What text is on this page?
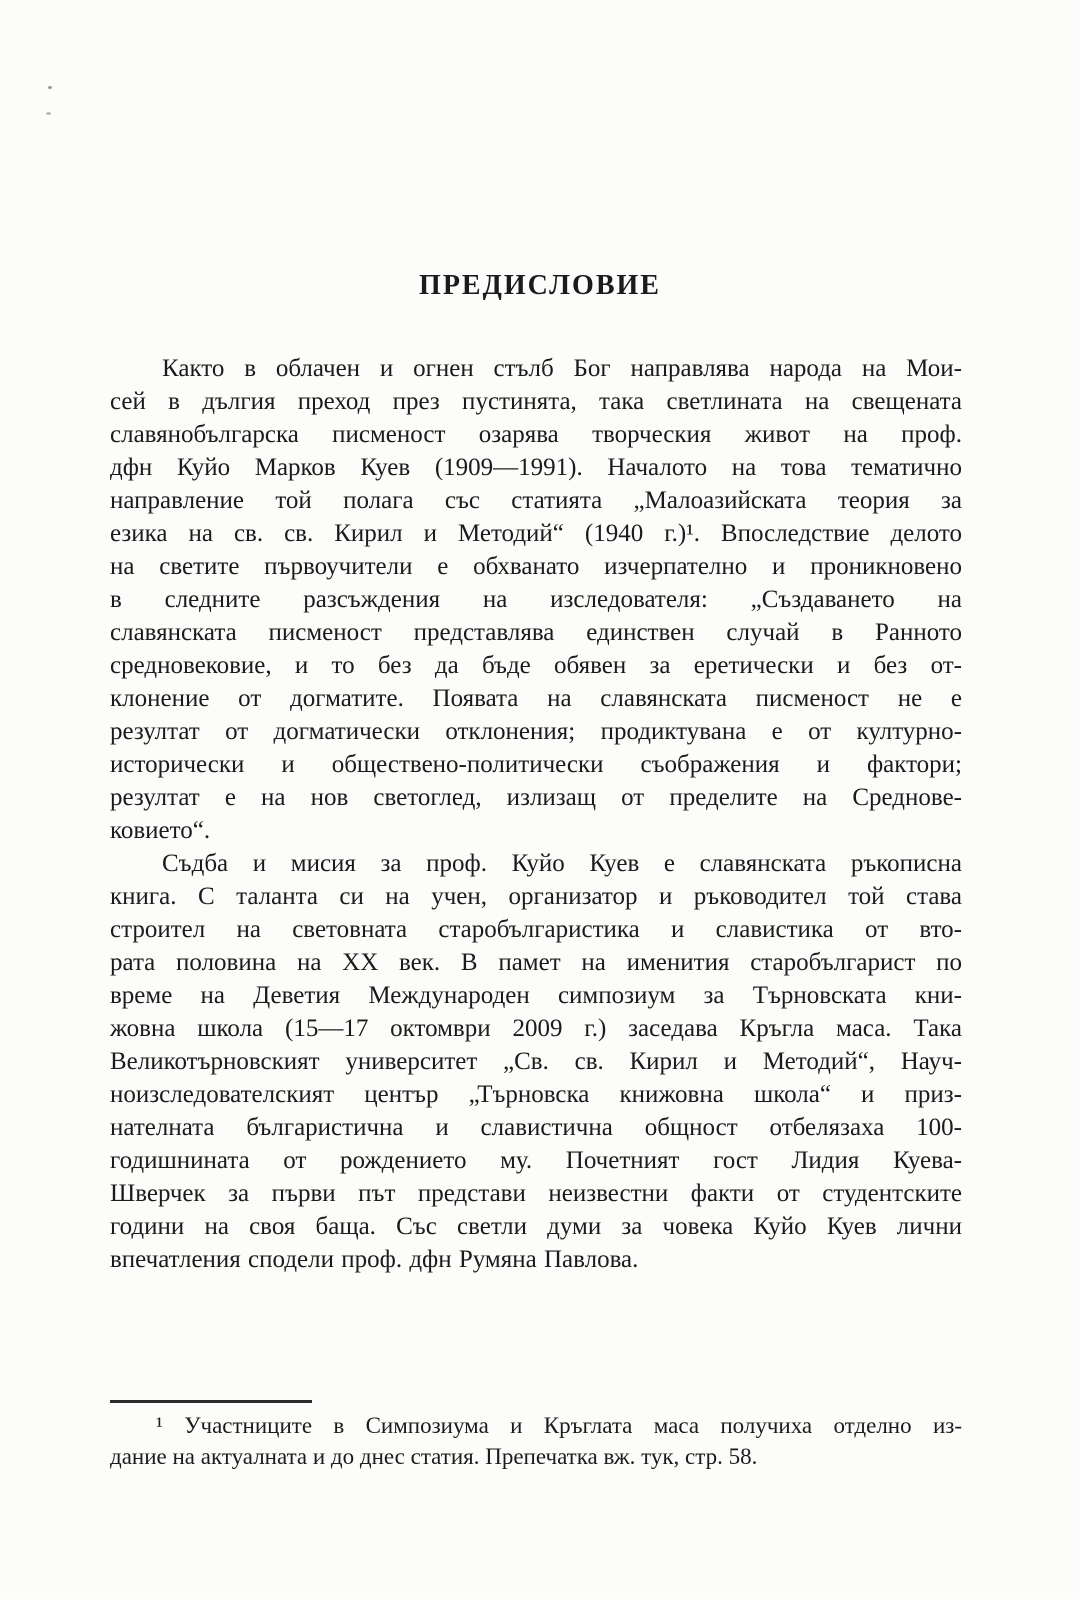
ПРЕДИСЛОВИЕ
Както в облачен и огнен стълб Бог направлява народа на Мои-
сей в дългия преход през пустинята, така светлината на свещената
славянобългарска писменост озарява творческия живот на проф.
дфн Куйо Марков Куев (1909—1991). Началото на това тематично
направление той полага със статията „Малоазийската теория за
езика на св. св. Кирил и Методий“ (1940 г.)¹. Впоследствие делото
на светите първоучители е обхванато изчерпателно и проникновено
в следните разсъждения на изследователя: „Създаването на
славянската писменост представлява единствен случай в Ранното
средновековие, и то без да бъде обявен за еретически и без от-
клонение от догматите. Появата на славянската писменост не е
резултат от догматически отклонения; продиктувана е от културно-
исторически и обществено-политически съображения и фактори;
резултат е на нов светоглед, излизащ от пределите на Среднове-
ковието“.
Съдба и мисия за проф. Куйо Куев е славянската ръкописна
книга. С таланта си на учен, организатор и ръководител той става
строител на световната старобългаристика и славистика от вто-
рата половина на XX век. В памет на именития старобългарист по
време на Деветия Международен симпозиум за Търновската кни-
жовна школа (15—17 октомври 2009 г.) заседава Кръгла маса. Така
Великотърновският университет „Св. св. Кирил и Методий“, Науч-
ноизследователският център „Търновска книжовна школа“ и приз-
нателната българистична и славистична общност отбелязаха 100-
годишнината от рождението му. Почетният гост Лидия Куева-
Шверчек за първи път представи неизвестни факти от студентските
години на своя баща. Със светли думи за човека Куйо Куев лични
впечатления сподели проф. дфн Румяна Павлова.
¹ Участниците в Симпозиума и Кръглата маса получиха отделно из-
дание на актуалната и до днес статия. Препечатка вж. тук, стр. 58.
